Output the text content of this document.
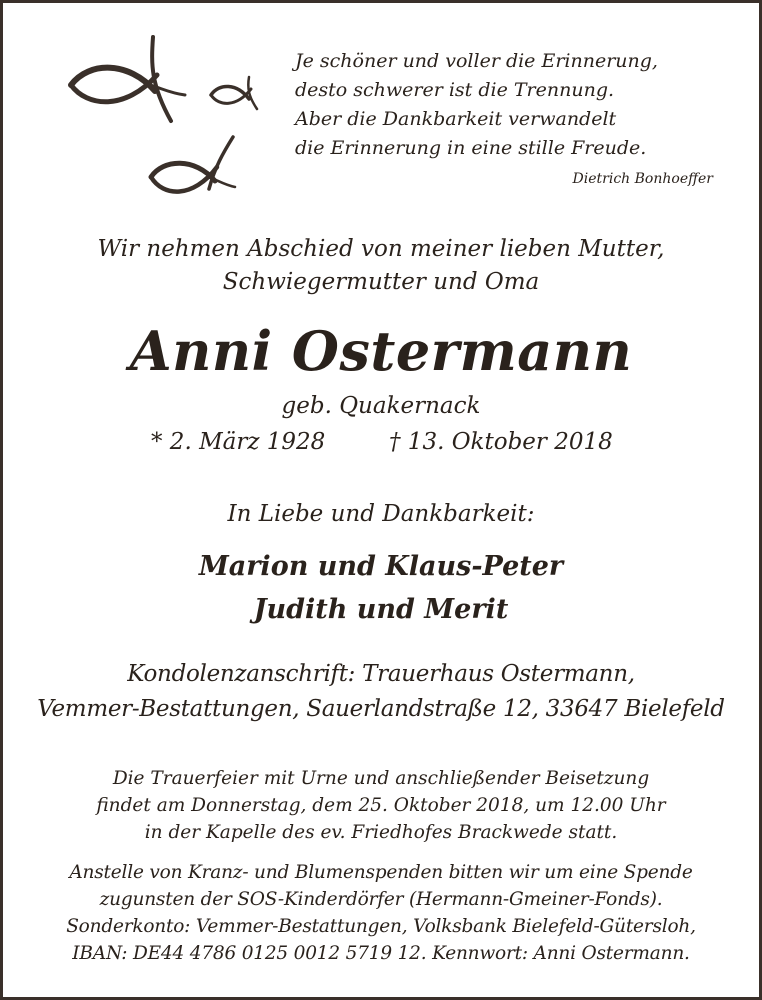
Je schöner und voller die Erinnerung,
desto schwerer ist die Trennung.
Aber die Dankbarkeit verwandelt
die Erinnerung in eine stille Freude.
Dietrich Bonhoeffer
Wir nehmen Abschied von meiner lieben Mutter,
Schwiegermutter und Oma
Anni Ostermann
geb. Quakernack
* 2. März 1928	† 13. Oktober 2018
In Liebe und Dankbarkeit:
Marion und Klaus-Peter
Judith und Merit
Kondolenzanschrift: Trauerhaus Ostermann,
Vemmer-Bestattungen, Sauerlandstraße 12, 33647 Bielefeld
Die Trauerfeier mit Urne und anschließender Beisetzung
findet am Donnerstag, dem 25. Oktober 2018, um 12.00 Uhr
in der Kapelle des ev. Friedhofes Brackwede statt.
Anstelle von Kranz- und Blumenspenden bitten wir um eine Spende
zugunsten der SOS-Kinderdörfer (Hermann-Gmeiner-Fonds).
Sonderkonto: Vemmer-Bestattungen, Volksbank Bielefeld-Gütersloh,
IBAN: DE44 4786 0125 0012 5719 12. Kennwort: Anni Ostermann.
